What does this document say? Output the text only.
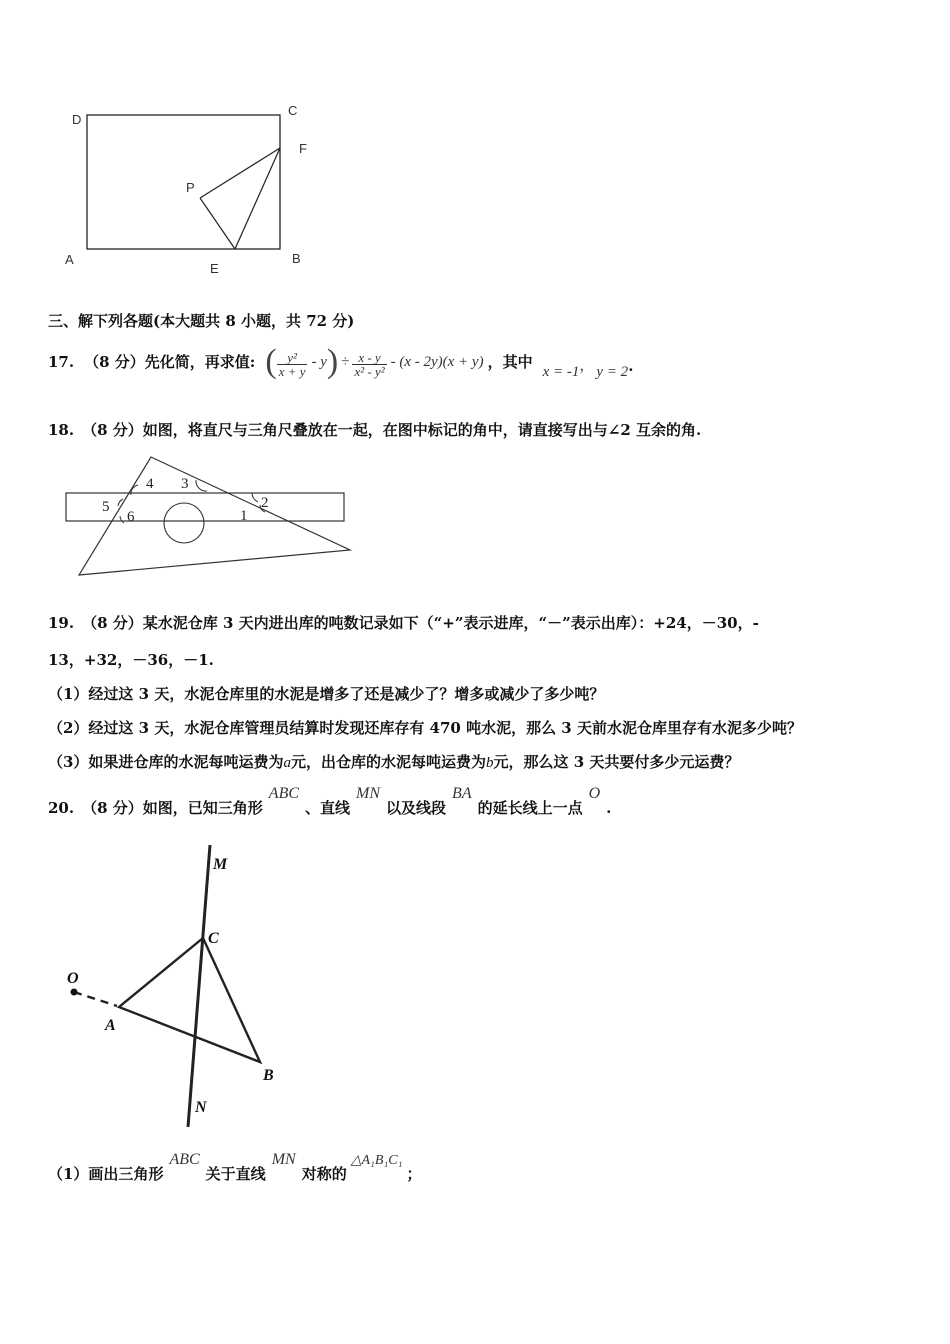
D
C
F
P
A
E
B
三、解下列各题(本大题共 8 小题，共 72 分)
17. （8 分） 先化简，再求值: ( $\frac{\text{y²}}{x + y}$ - y ) ÷ $\frac{x - y}{\text{x² - y²}} - (x - 2y)(x + y)$ ，其中
x = -1 ， y = 2 .
18. （8 分）如图，将直尺与三角尺叠放在一起，在图中标记的角中，请直接写出与∠2 互余的角.
4 3
5
6
2
1
19. （8 分）某水泥仓库 3 天内进出库的吨数记录如下（“+”表示进库，“－”表示出库）：+24，－30，-
13，+32，－36，－1.
（1）经过这 3 天，水泥仓库里的水泥是增多了还是减少了？增多或减少了多少吨？
（2）经过这 3 天，水泥仓库管理员结算时发现还库存有 470 吨水泥，那么 3 天前水泥仓库里存有水泥多少吨？
（3）如果进仓库的水泥每吨运费为a元，出仓库的水泥每吨运费为b元，那么这 3 天共要付多少元运费？
20. （8 分） 如图，已知三角形
ABC
、直线
MN
以及线段
BA
的延长线上一点
O
.
M
C
O
A
B
N
（1）画出三角形
ABC
关于直线
MN
对称的
△A₁B₁C₁
；
